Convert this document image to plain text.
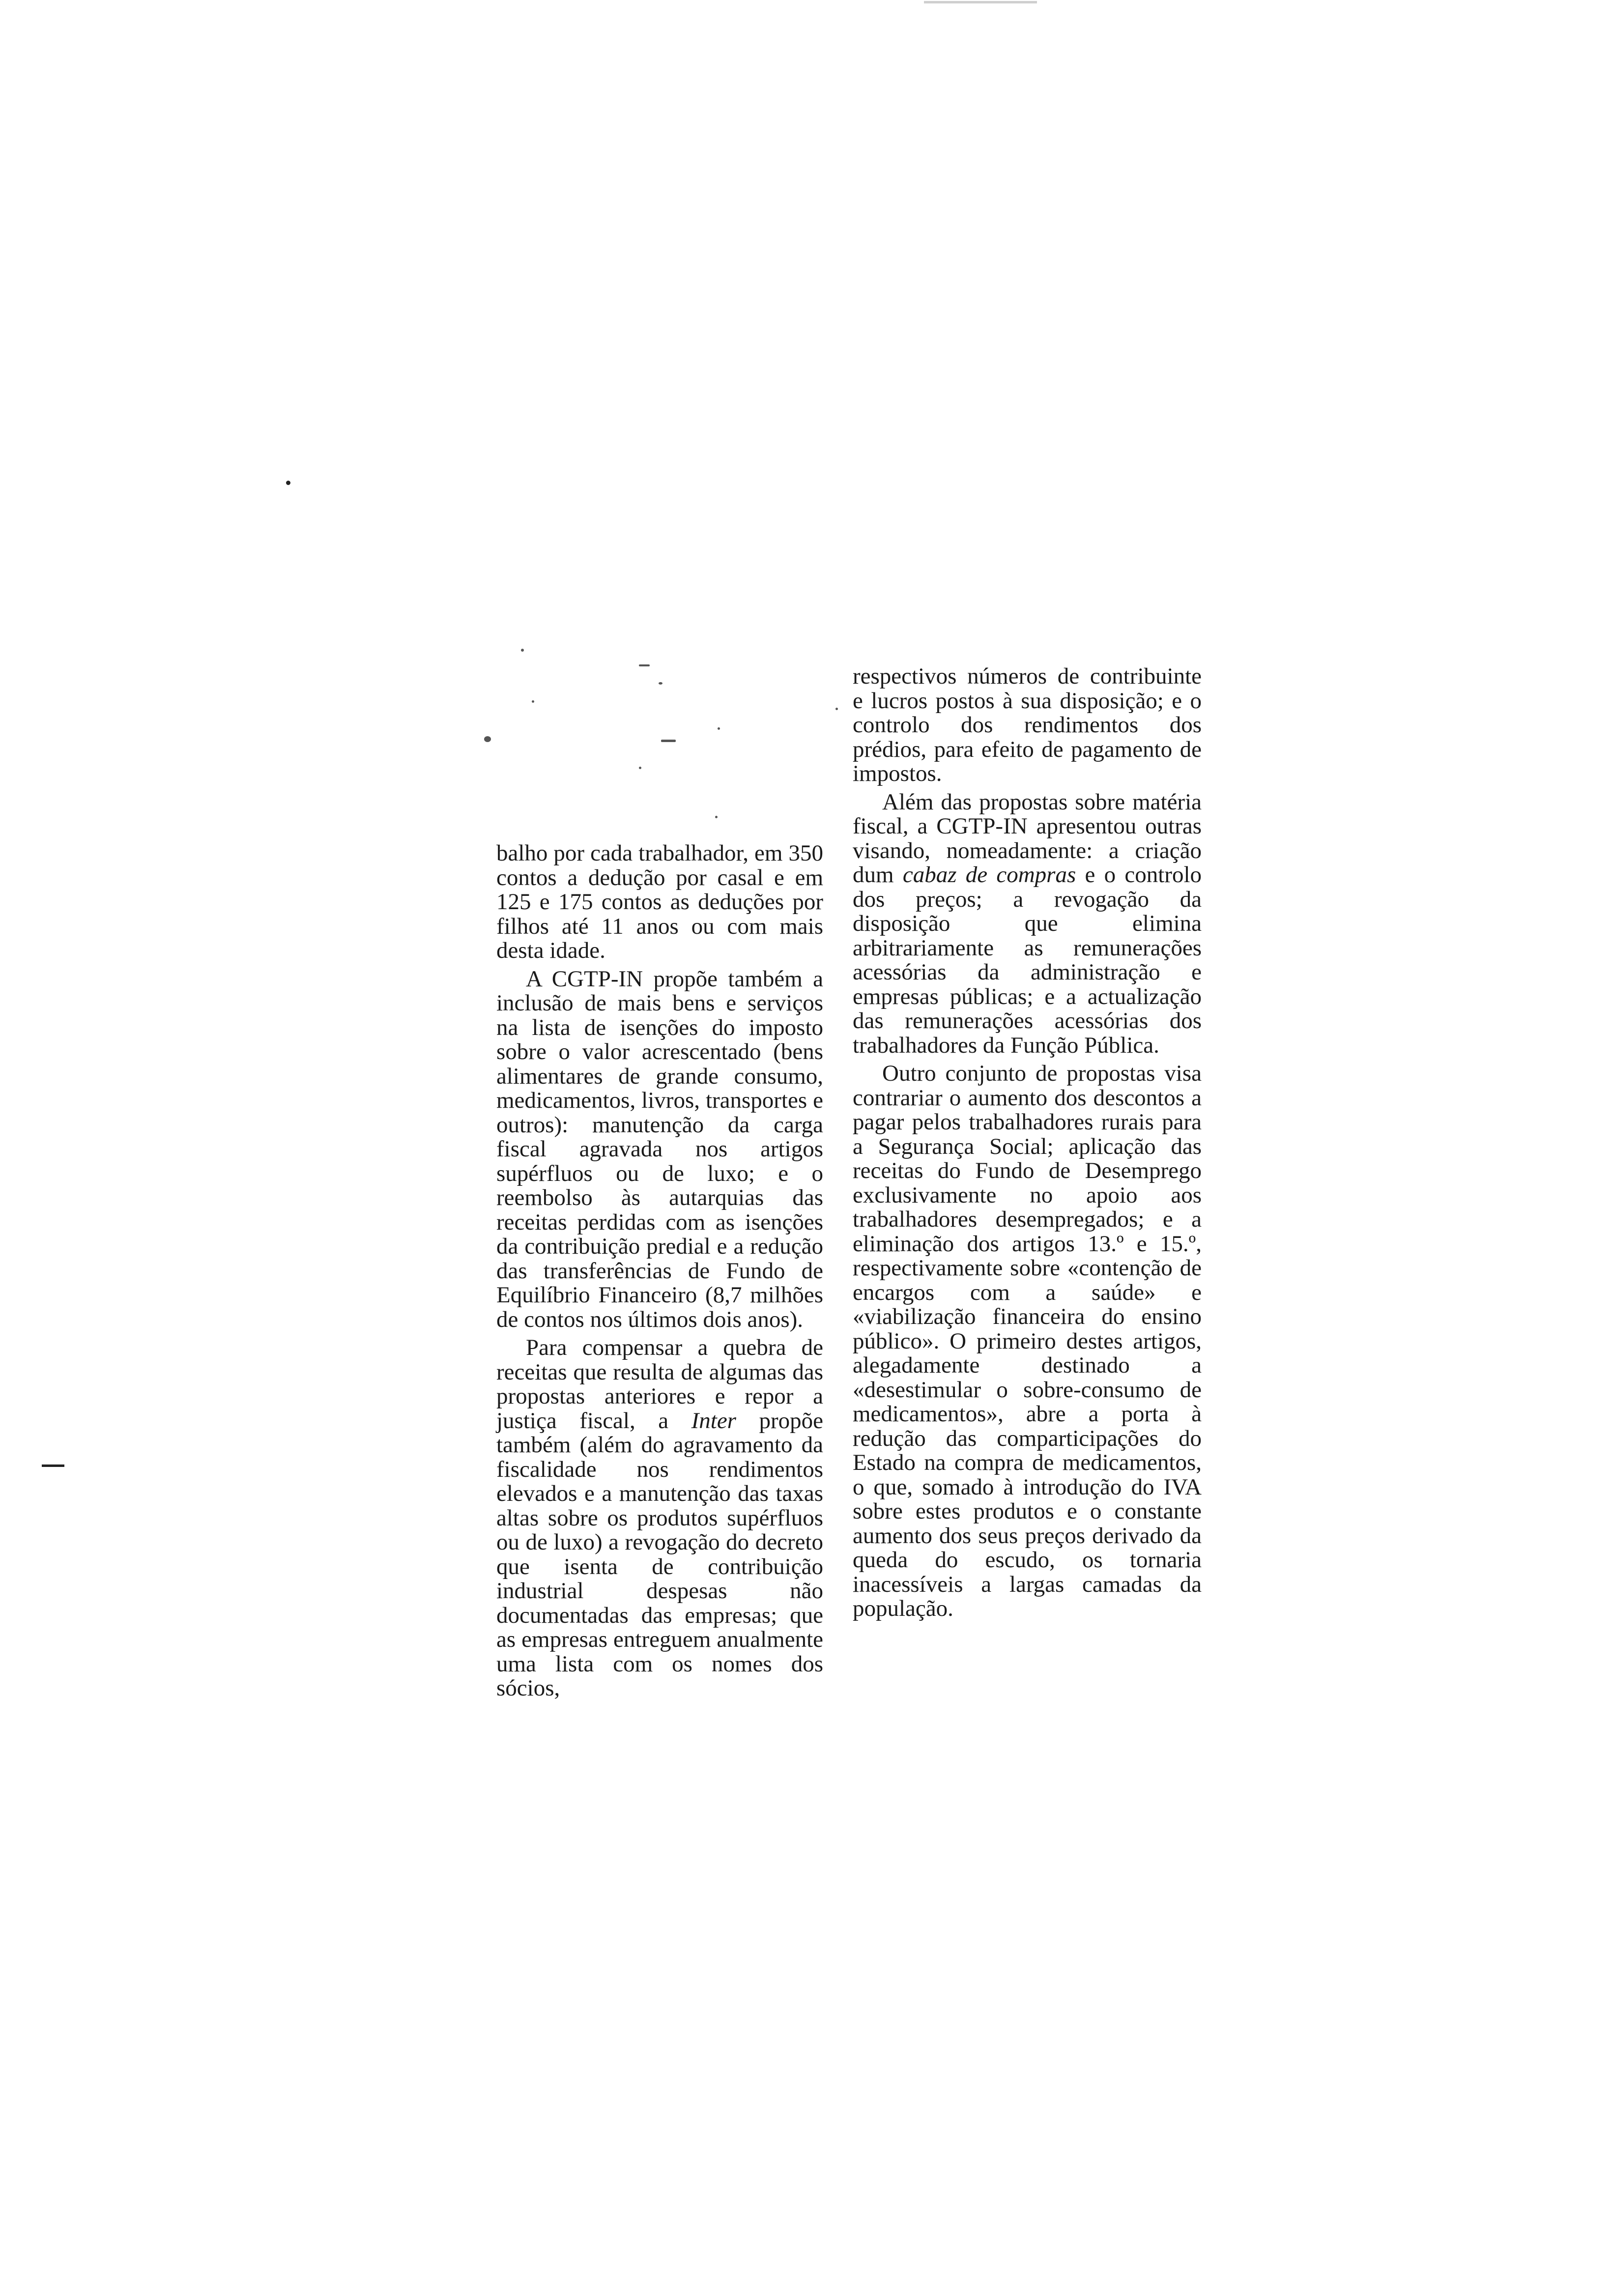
balho por cada trabalhador, em 350 contos a dedução por casal e em 125 e 175 contos as deduções por filhos até 11 anos ou com mais desta idade.

A CGTP-IN propõe também a inclusão de mais bens e serviços na lista de isenções do imposto sobre o valor acrescentado (bens alimentares de grande consumo, medicamentos, livros, transportes e outros): manutenção da carga fiscal agravada nos artigos supérfluos ou de luxo; e o reembolso às autarquias das receitas perdidas com as isenções da contribuição predial e a redução das transferências de Fundo de Equilíbrio Financeiro (8,7 milhões de contos nos últimos dois anos).

Para compensar a quebra de receitas que resulta de algumas das propostas anteriores e repor a justiça fiscal, a Inter propõe também (além do agravamento da fiscalidade nos rendimentos elevados e a manutenção das taxas altas sobre os produtos supérfluos ou de luxo) a revogação do decreto que isenta de contribuição industrial despesas não documentadas das empresas; que as empresas entreguem anualmente uma lista com os nomes dos sócios,

respectivos números de contribuinte e lucros postos à sua disposição; e o controlo dos rendimentos dos prédios, para efeito de pagamento de impostos.

Além das propostas sobre matéria fiscal, a CGTP-IN apresentou outras visando, nomeadamente: a criação dum cabaz de compras e o controlo dos preços; a revogação da disposição que elimina arbitrariamente as remunerações acessórias da administração e empresas públicas; e a actualização das remunerações acessórias dos trabalhadores da Função Pública.

Outro conjunto de propostas visa contrariar o aumento dos descontos a pagar pelos trabalhadores rurais para a Segurança Social; aplicação das receitas do Fundo de Desemprego exclusivamente no apoio aos trabalhadores desempregados; e a eliminação dos artigos 13.º e 15.º, respectivamente sobre «contenção de encargos com a saúde» e «viabilização financeira do ensino público». O primeiro destes artigos, alegadamente destinado a «desestimular o sobre-consumo de medicamentos», abre a porta à redução das comparticipações do Estado na compra de medicamentos, o que, somado à introdução do IVA sobre estes produtos e o constante aumento dos seus preços derivado da queda do escudo, os tornaria inacessíveis a largas camadas da população.
